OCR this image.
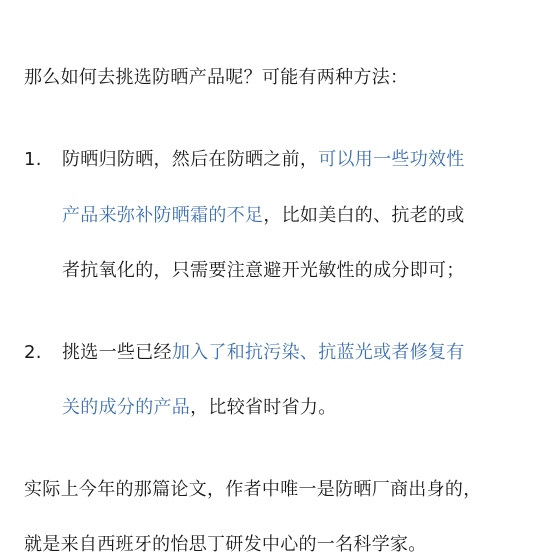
那么如何去挑选防晒产品呢？可能有两种方法：
1. 防晒归防晒，然后在防晒之前，可以用一些功效性
产品来弥补防晒霜的不足，比如美白的、抗老的或
者抗氧化的，只需要注意避开光敏性的成分即可；
2. 挑选一些已经加入了和抗污染、抗蓝光或者修复有
关的成分的产品，比较省时省力。
实际上今年的那篇论文，作者中唯一是防晒厂商出身的，
就是来自西班牙的怡思丁研发中心的一名科学家。
